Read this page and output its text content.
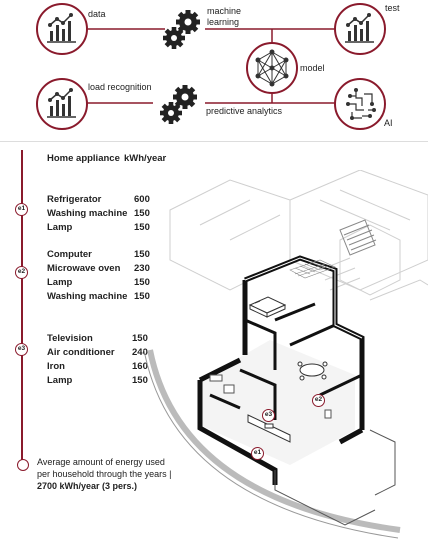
data	machine
learning
model
test
load recognition
predictive analytics
AI
e1
e2
e3
Home appliance kWh/year
Refrigerator	600
Washing machine 150
Lamp	150
Computer	150
Microwave oven 230
Lamp	150
Washing machine 150
Television	150
Air conditioner 240
Iron	160
Lamp	150
Average amount of energy used
per household through the years |
2700 kWh/year (3 pers.)
e1
e2
e3
